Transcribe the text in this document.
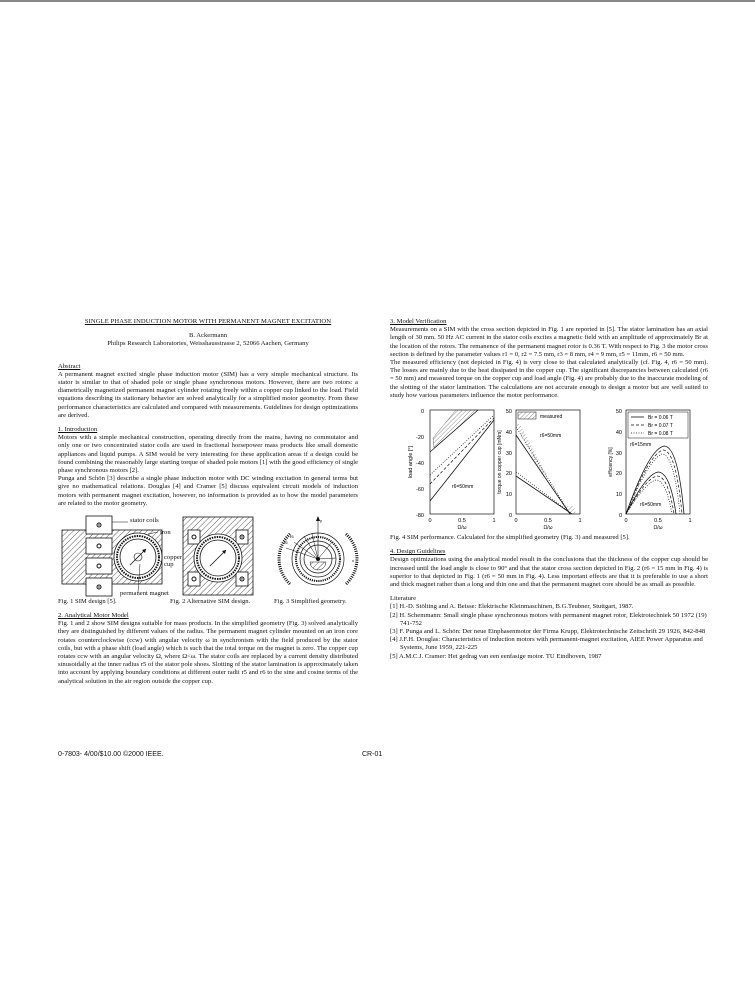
SINGLE PHASE INDUCTION MOTOR WITH PERMANENT MAGNET EXCITATION

B. Ackermann

Philips Research Laboratories, Weisshausstrasse 2, 52066 Aachen, Germany

Abstract

A permanent magnet excited single phase induction motor (SIM) has a very simple mechanical structure. Its stator is similar to that of shaded pole or single phase synchronous motors. However, there are two rotors: a diametrically magnetized permanent magnet cylinder rotating freely within a copper cup linked to the load. Field equations describing its stationary behavior are solved analytically for a simplified motor geometry. From these performance characteristics are calculated and compared with measurements. Guidelines for design optimizations are derived.

1. Introduction

Motors with a simple mechanical construction, operating directly from the mains, having no commutator and only one or two concentrated stator coils are used in fractional horsepower mass products like small domestic appliances and liquid pumps. A SIM would be very interesting for these application areas if a design could be found combining the reasonably large starting torque of shaded pole motors [1] with the good efficiency of single phase synchronous motors [2].

Punga and Schön [3] describe a single phase induction motor with DC winding excitation in general terms but give no mathematical relations. Douglas [4] and Cramer [5] discuss equivalent circuit models of induction motors with permanent magnet excitation, however, no information is provided as to how the model parameters are related to the motor geometry.

stator coils
iron
copper cup
permanent magnet
Fig. 1 SIM design [5].	Fig. 2 Alternative SIM design.
y
x
r6
r5
Fig. 3 Simplified geometry.

2. Analytical Motor Model

Fig. 1 and 2 show SIM designs suitable for mass products. In the simplified geometry (Fig. 3) solved analytically they are distinguished by different values of the radius. The permanent magnet cylinder mounted on an iron core rotates counterclockwise (ccw) with angular velocity ω in synchronism with the field produced by the stator coils, but with a phase shift (load angle) which is such that the total torque on the magnet is zero. The copper cup rotates ccw with an angular velocity Ω, where Ω<ω. The stator coils are replaced by a current density distributed sinusoidally at the inner radius r5 of the stator pole shoes. Slotting of the stator lamination is approximately taken into account by applying boundary conditions at different outer radii r5 and r6 to the sine and cosine terms of the analytical solution in the air region outside the copper cup.

3. Model Verification

Measurements on a SIM with the cross section depicted in Fig. 1 are reported in [5]. The stator lamination has an axial length of 30 mm. 50 Hz AC current in the stator coils excites a magnetic field with an amplitude of approximately Br at the location of the rotors. The remanence of the permanent magnet rotor is 0.36 T. With respect to Fig. 3 the motor cross section is defined by the parameter values r1 = 0, r2 = 7.5 mm, r3 = 8 mm, r4 = 9 mm, r5 = 11mm, r6 = 50 mm.

The measured efficiency (not depicted in Fig. 4) is very close to that calculated analytically (cf. Fig. 4, r6 = 50 mm). The losses are mainly due to the heat dissipated in the copper cup. The significant discrepancies between calculated (r6 = 50 mm) and measured torque on the copper cup and load angle (Fig. 4) are probably due to the inaccurate modeling of the slotting of the stator lamination. The calculations are not accurate enough to design a motor but are well suited to study how various parameters influence the motor performance.

0
-20
-40
-60
-80
0	0.5	1
Ω/ω
load angle [°]
r6=50mm
50
40
30
20
10
0
0	0.5	1
Ω/ω
torque on copper cup [mNm]
measured
r6=50mm
50
40
30
20
10
0
0	0.5	1
Ω/ω
efficiency [%]
Br = 0.06 T
Br = 0.07 T
Br = 0.08 T
r6=15mm
r6=50mm

Fig. 4 SIM performance. Calculated for the simplified geometry (Fig. 3) and measured [5].

4. Design Guidelines

Design optimizations using the analytical model result in the conclusions that the thickness of the copper cup should be increased until the load angle is close to 90° and that the stator cross section depicted in Fig. 2 (r6 = 15 mm in Fig. 4) is superior to that depicted in Fig. 1 (r6 = 50 mm in Fig. 4). Less important effects are that it is preferable to use a short and thick magnet rather than a long and thin one and that the permanent magnet core should be as small as possible.

Literature

[1] H.-D. Stölting and A. Beisse: Elektrische Kleinmaschinen, B.G.Teubner, Stuttgart, 1987.

[2] H. Schemmann: Small single phase synchronous motors with permanent magnet rotor, Elektrotechniek 50 1972 (19) 741-752

[3] F. Punga and L. Schön: Der neue Einphasenmotor der Firma Krupp, Elektrotechnische Zeitschrift 29 1926, 842-848

[4] J.F.H. Douglas: Characteristics of induction motors with permanent-magnet excitation, AIEE Power Apparatus and Systems, June 1959, 221-225

[5] A.M.C.J. Cramer: Het gedrag van een eenfasige motor. TU Eindhoven, 1987

0-7803- 4/00/$10.00 ©2000 IEEE.	CR-01
